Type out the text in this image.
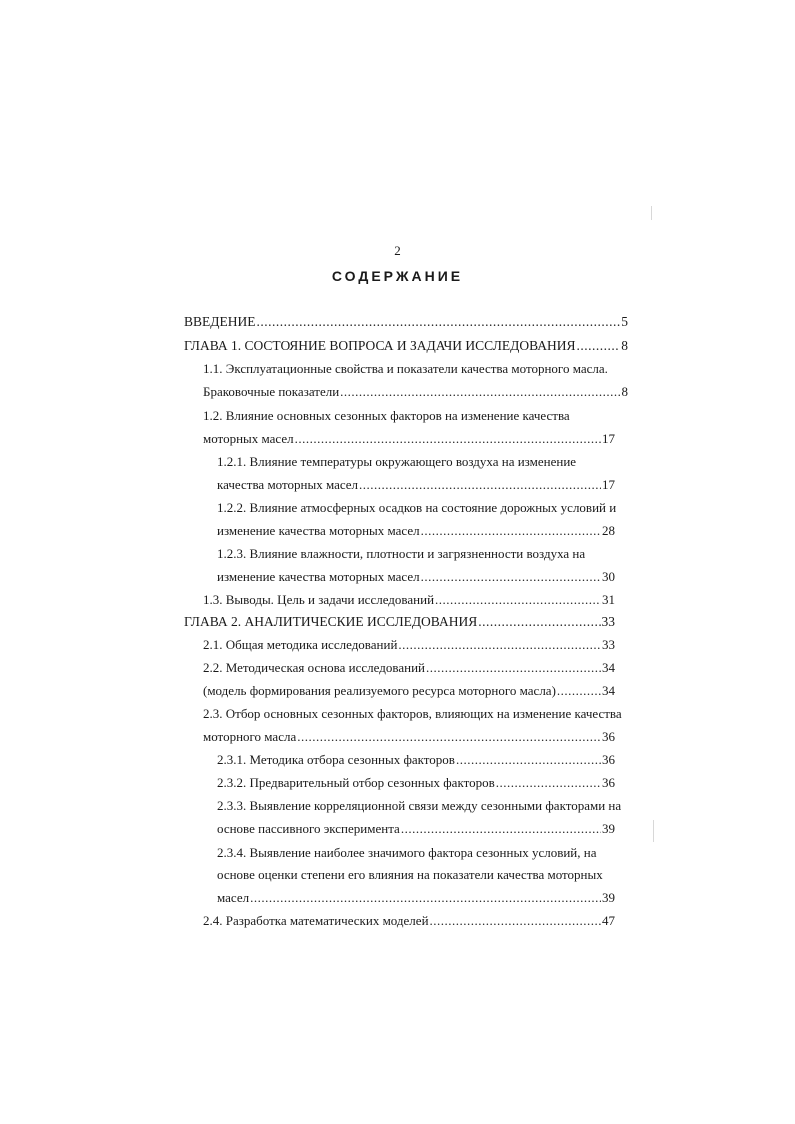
2
СОДЕРЖАНИЕ
ВВЕДЕНИЕ .....	5
ГЛАВА 1. СОСТОЯНИЕ ВОПРОСА И ЗАДАЧИ ИССЛЕДОВАНИЯ .....	8
1.1. Эксплуатационные свойства и показатели качества моторного масла.
Браковочные показатели .....	8
1.2. Влияние основных сезонных факторов на изменение качества
моторных масел .....	17
1.2.1. Влияние температуры окружающего воздуха на изменение
качества моторных масел .....	17
1.2.2. Влияние атмосферных осадков на состояние дорожных условий и
изменение качества моторных масел .....	28
1.2.3. Влияние влажности, плотности и загрязненности воздуха на
изменение качества моторных масел .....	30
1.3. Выводы. Цель и задачи исследований .....	31
ГЛАВА 2. АНАЛИТИЧЕСКИЕ ИССЛЕДОВАНИЯ .....	33
2.1. Общая методика исследований .....	33
2.2. Методическая основа исследований .....	34
(модель формирования реализуемого ресурса моторного масла) .....	34
2.3. Отбор основных сезонных факторов, влияющих на изменение качества
моторного масла .....	36
2.3.1. Методика отбора сезонных факторов .....	36
2.3.2. Предварительный отбор сезонных факторов .....	36
2.3.3. Выявление корреляционной связи между сезонными факторами на
основе пассивного эксперимента .....	39
2.3.4. Выявление наиболее значимого фактора сезонных условий, на
основе оценки степени его влияния на показатели качества моторных
масел .....	39
2.4. Разработка математических моделей .....	47
